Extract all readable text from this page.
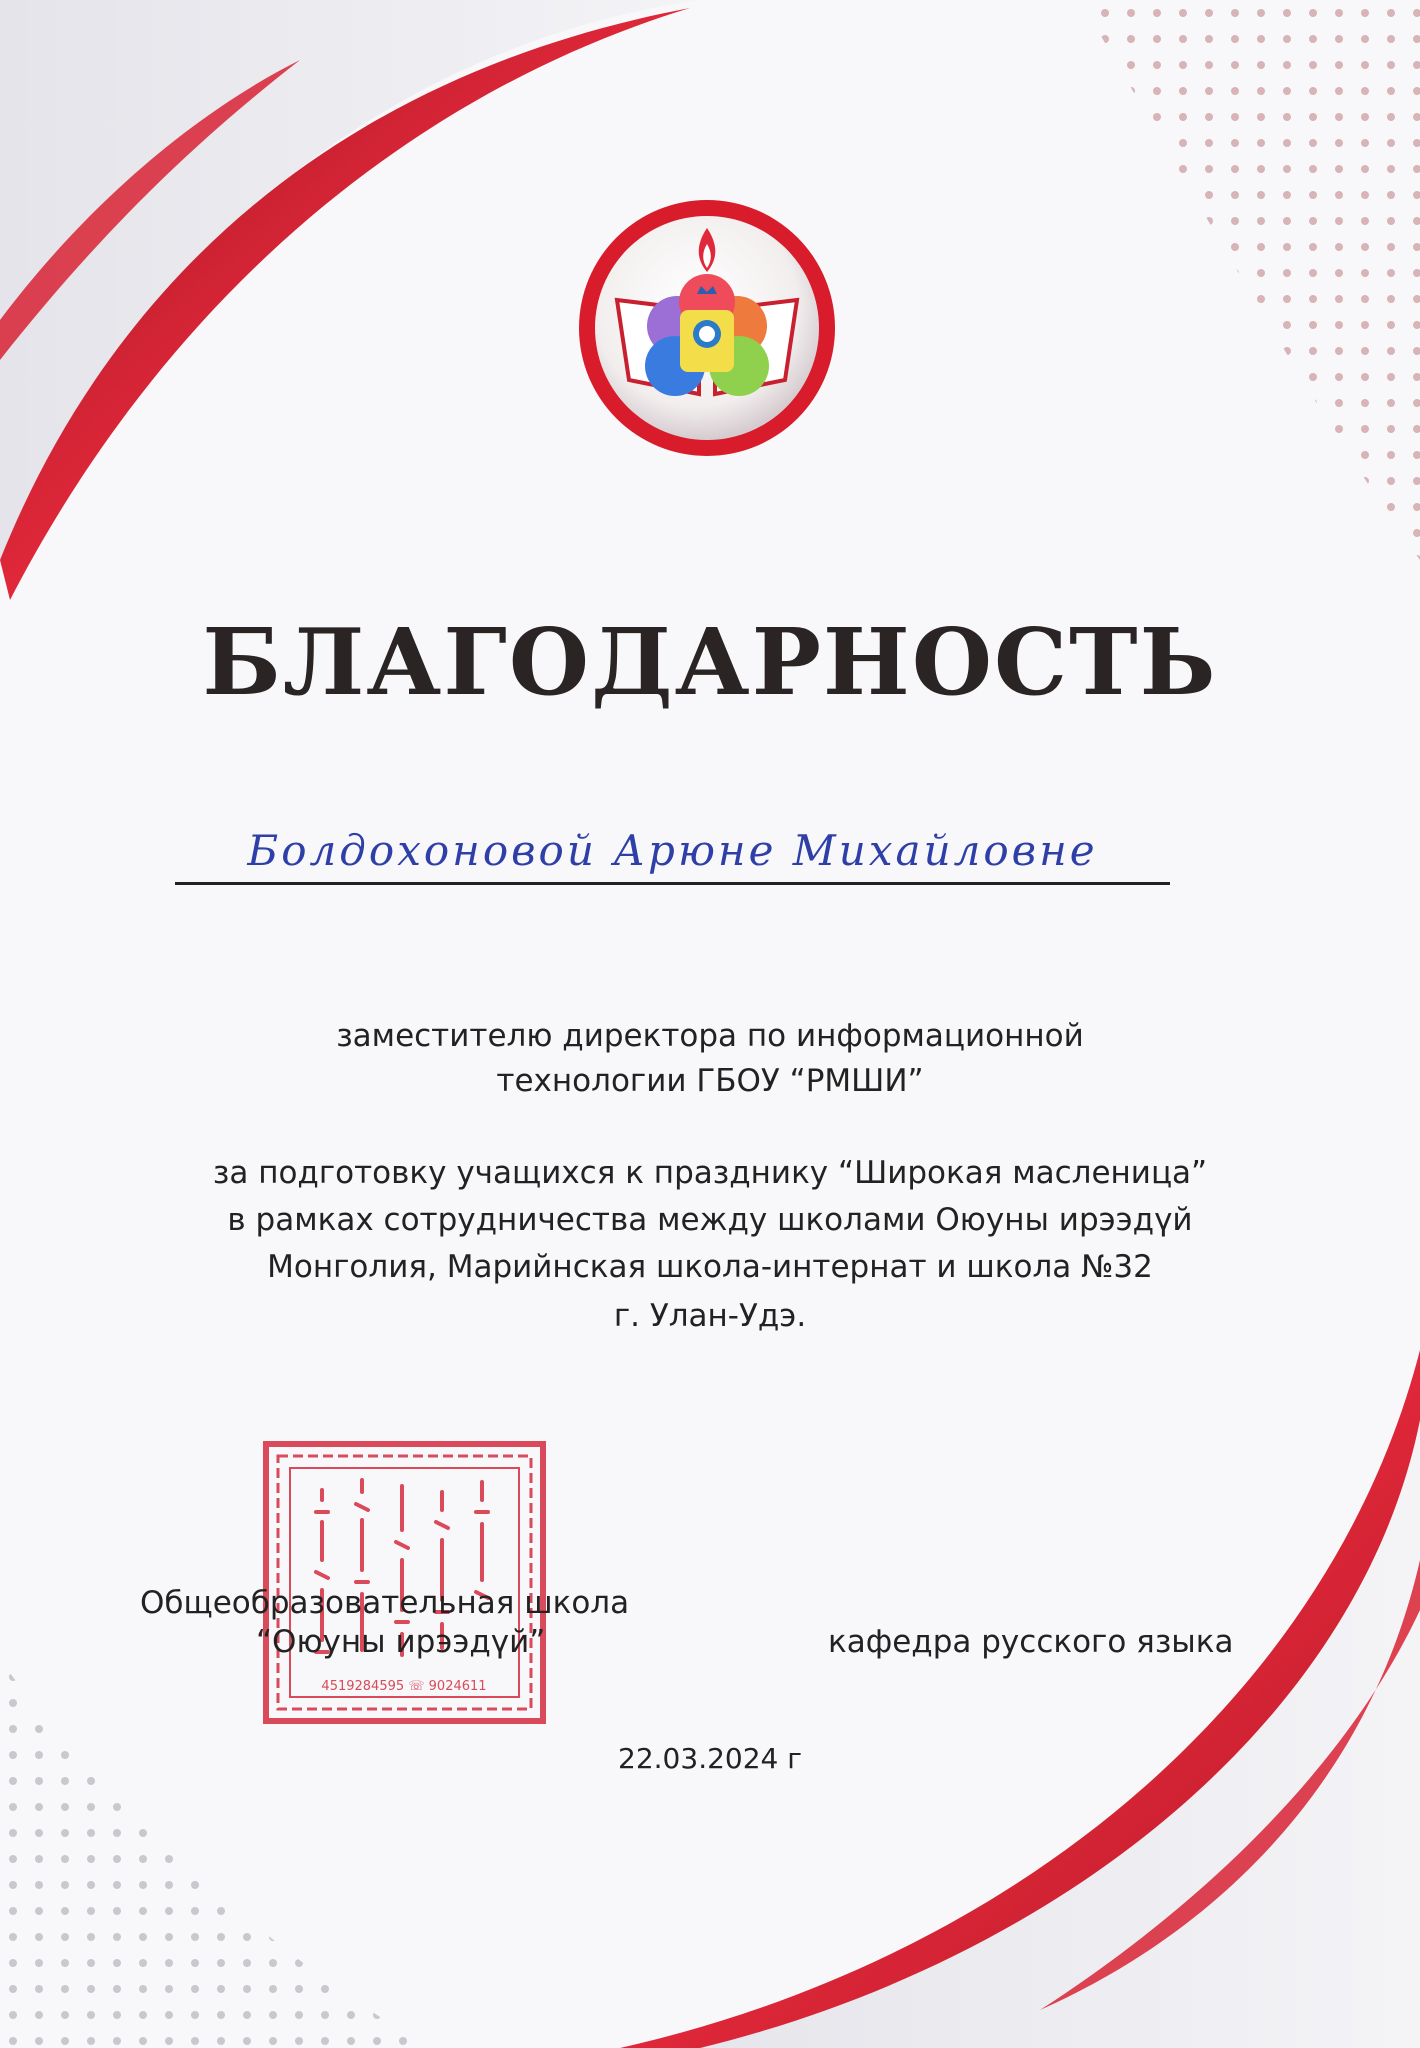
БЛАГОДАРНОСТЬ
Болдохоновой Арюне Михайловне

заместителю директора по информационной

технологии ГБОУ “РМШИ”

за подготовку учащихся к празднику “Широкая масленица”

в рамках сотрудничества между школами Оюуны ирээдүй

Монголия, Марийнская школа-интернат и школа №32

г. Улан-Удэ.

4519284595 ☏ 9024611

Общеобразовательная школа

“Оюуны ирээдүй”	кафедра русского языка

22.03.2024 г
